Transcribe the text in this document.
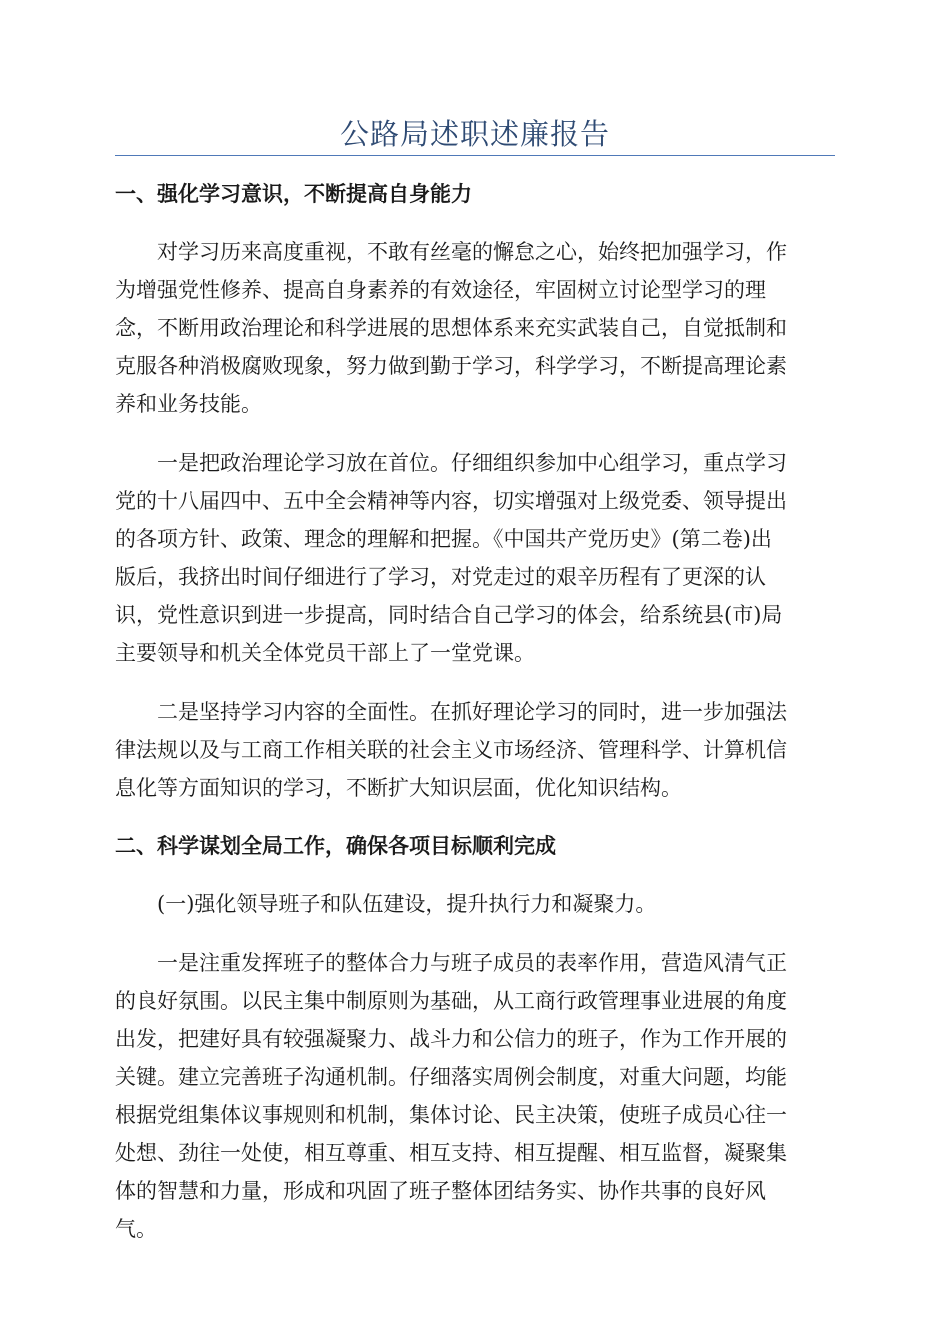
公路局述职述廉报告
一、强化学习意识，不断提高自身能力
对学习历来高度重视，不敢有丝毫的懈怠之心，始终把加强学习，作
为增强党性修养、提高自身素养的有效途径，牢固树立讨论型学习的理
念，不断用政治理论和科学进展的思想体系来充实武装自己，自觉抵制和
克服各种消极腐败现象，努力做到勤于学习，科学学习，不断提高理论素
养和业务技能。
一是把政治理论学习放在首位。仔细组织参加中心组学习，重点学习
党的十八届四中、五中全会精神等内容，切实增强对上级党委、领导提出
的各项方针、政策、理念的理解和把握。《中国共产党历史》(第二卷)出
版后，我挤出时间仔细进行了学习，对党走过的艰辛历程有了更深的认
识，党性意识到进一步提高，同时结合自己学习的体会，给系统县(市)局
主要领导和机关全体党员干部上了一堂党课。
二是坚持学习内容的全面性。在抓好理论学习的同时，进一步加强法
律法规以及与工商工作相关联的社会主义市场经济、管理科学、计算机信
息化等方面知识的学习，不断扩大知识层面，优化知识结构。
二、科学谋划全局工作，确保各项目标顺利完成
(一)强化领导班子和队伍建设，提升执行力和凝聚力。
一是注重发挥班子的整体合力与班子成员的表率作用，营造风清气正
的良好氛围。以民主集中制原则为基础，从工商行政管理事业进展的角度
出发，把建好具有较强凝聚力、战斗力和公信力的班子，作为工作开展的
关键。建立完善班子沟通机制。仔细落实周例会制度，对重大问题，均能
根据党组集体议事规则和机制，集体讨论、民主决策，使班子成员心往一
处想、劲往一处使，相互尊重、相互支持、相互提醒、相互监督，凝聚集
体的智慧和力量，形成和巩固了班子整体团结务实、协作共事的良好风
气。
